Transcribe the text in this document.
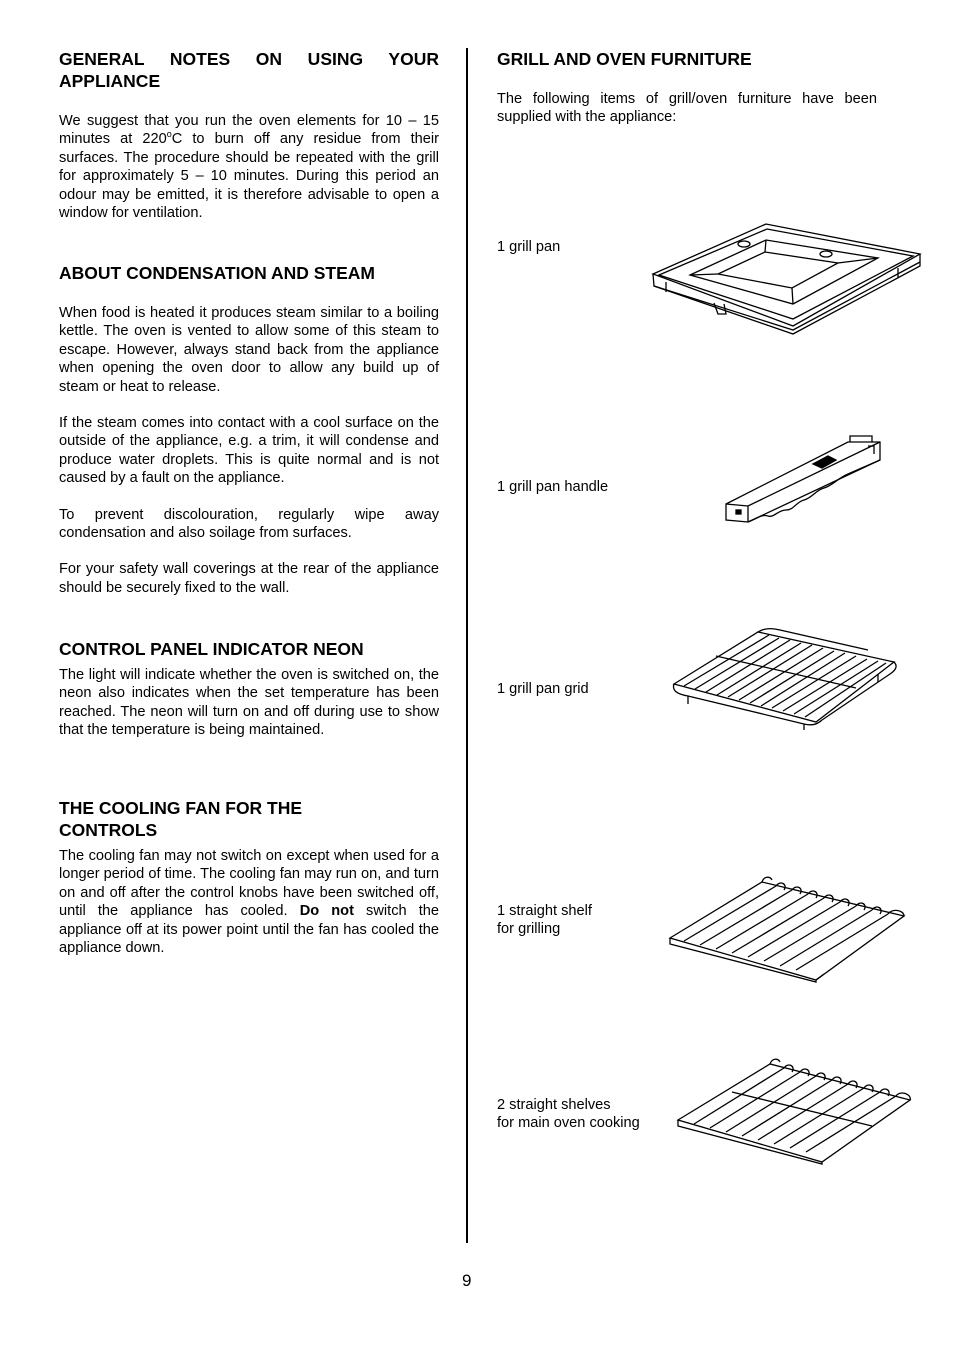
GENERAL NOTES ON USING YOUR APPLIANCE

We suggest that you run the oven elements for 10 – 15 minutes at 220$^o$C to burn off any residue from their surfaces. The procedure should be repeated with the grill for approximately 5 – 10 minutes. During this period an odour may be emitted, it is therefore advisable to open a window for ventilation.

ABOUT CONDENSATION AND STEAM

When food is heated it produces steam similar to a boiling kettle. The oven is vented to allow some of this steam to escape. However, always stand back from the appliance when opening the oven door to allow any build up of steam or heat to release.

If the steam comes into contact with a cool surface on the outside of the appliance, e.g. a trim, it will condense and produce water droplets. This is quite normal and is not caused by a fault on the appliance.

To prevent discolouration, regularly wipe away condensation and also soilage from surfaces.

For your safety wall coverings at the rear of the appliance should be securely fixed to the wall.

CONTROL PANEL INDICATOR NEON

The light will indicate whether the oven is switched on, the neon also indicates when the set temperature has been reached. The neon will turn on and off during use to show that the temperature is being maintained.

THE COOLING FAN FOR THE
CONTROLS

The cooling fan may not switch on except when used for a longer period of time. The cooling fan may run on, and turn on and off after the control knobs have been switched off, until the appliance has cooled. Do not switch the appliance off at its power point until the fan has cooled the appliance down.

GRILL AND OVEN FURNITURE

The following items of grill/oven furniture have been supplied with the appliance:

1 grill pan
1 grill pan handle
1 grill pan grid
1 straight shelf
for grilling
2 straight shelves
for main oven cooking
9
